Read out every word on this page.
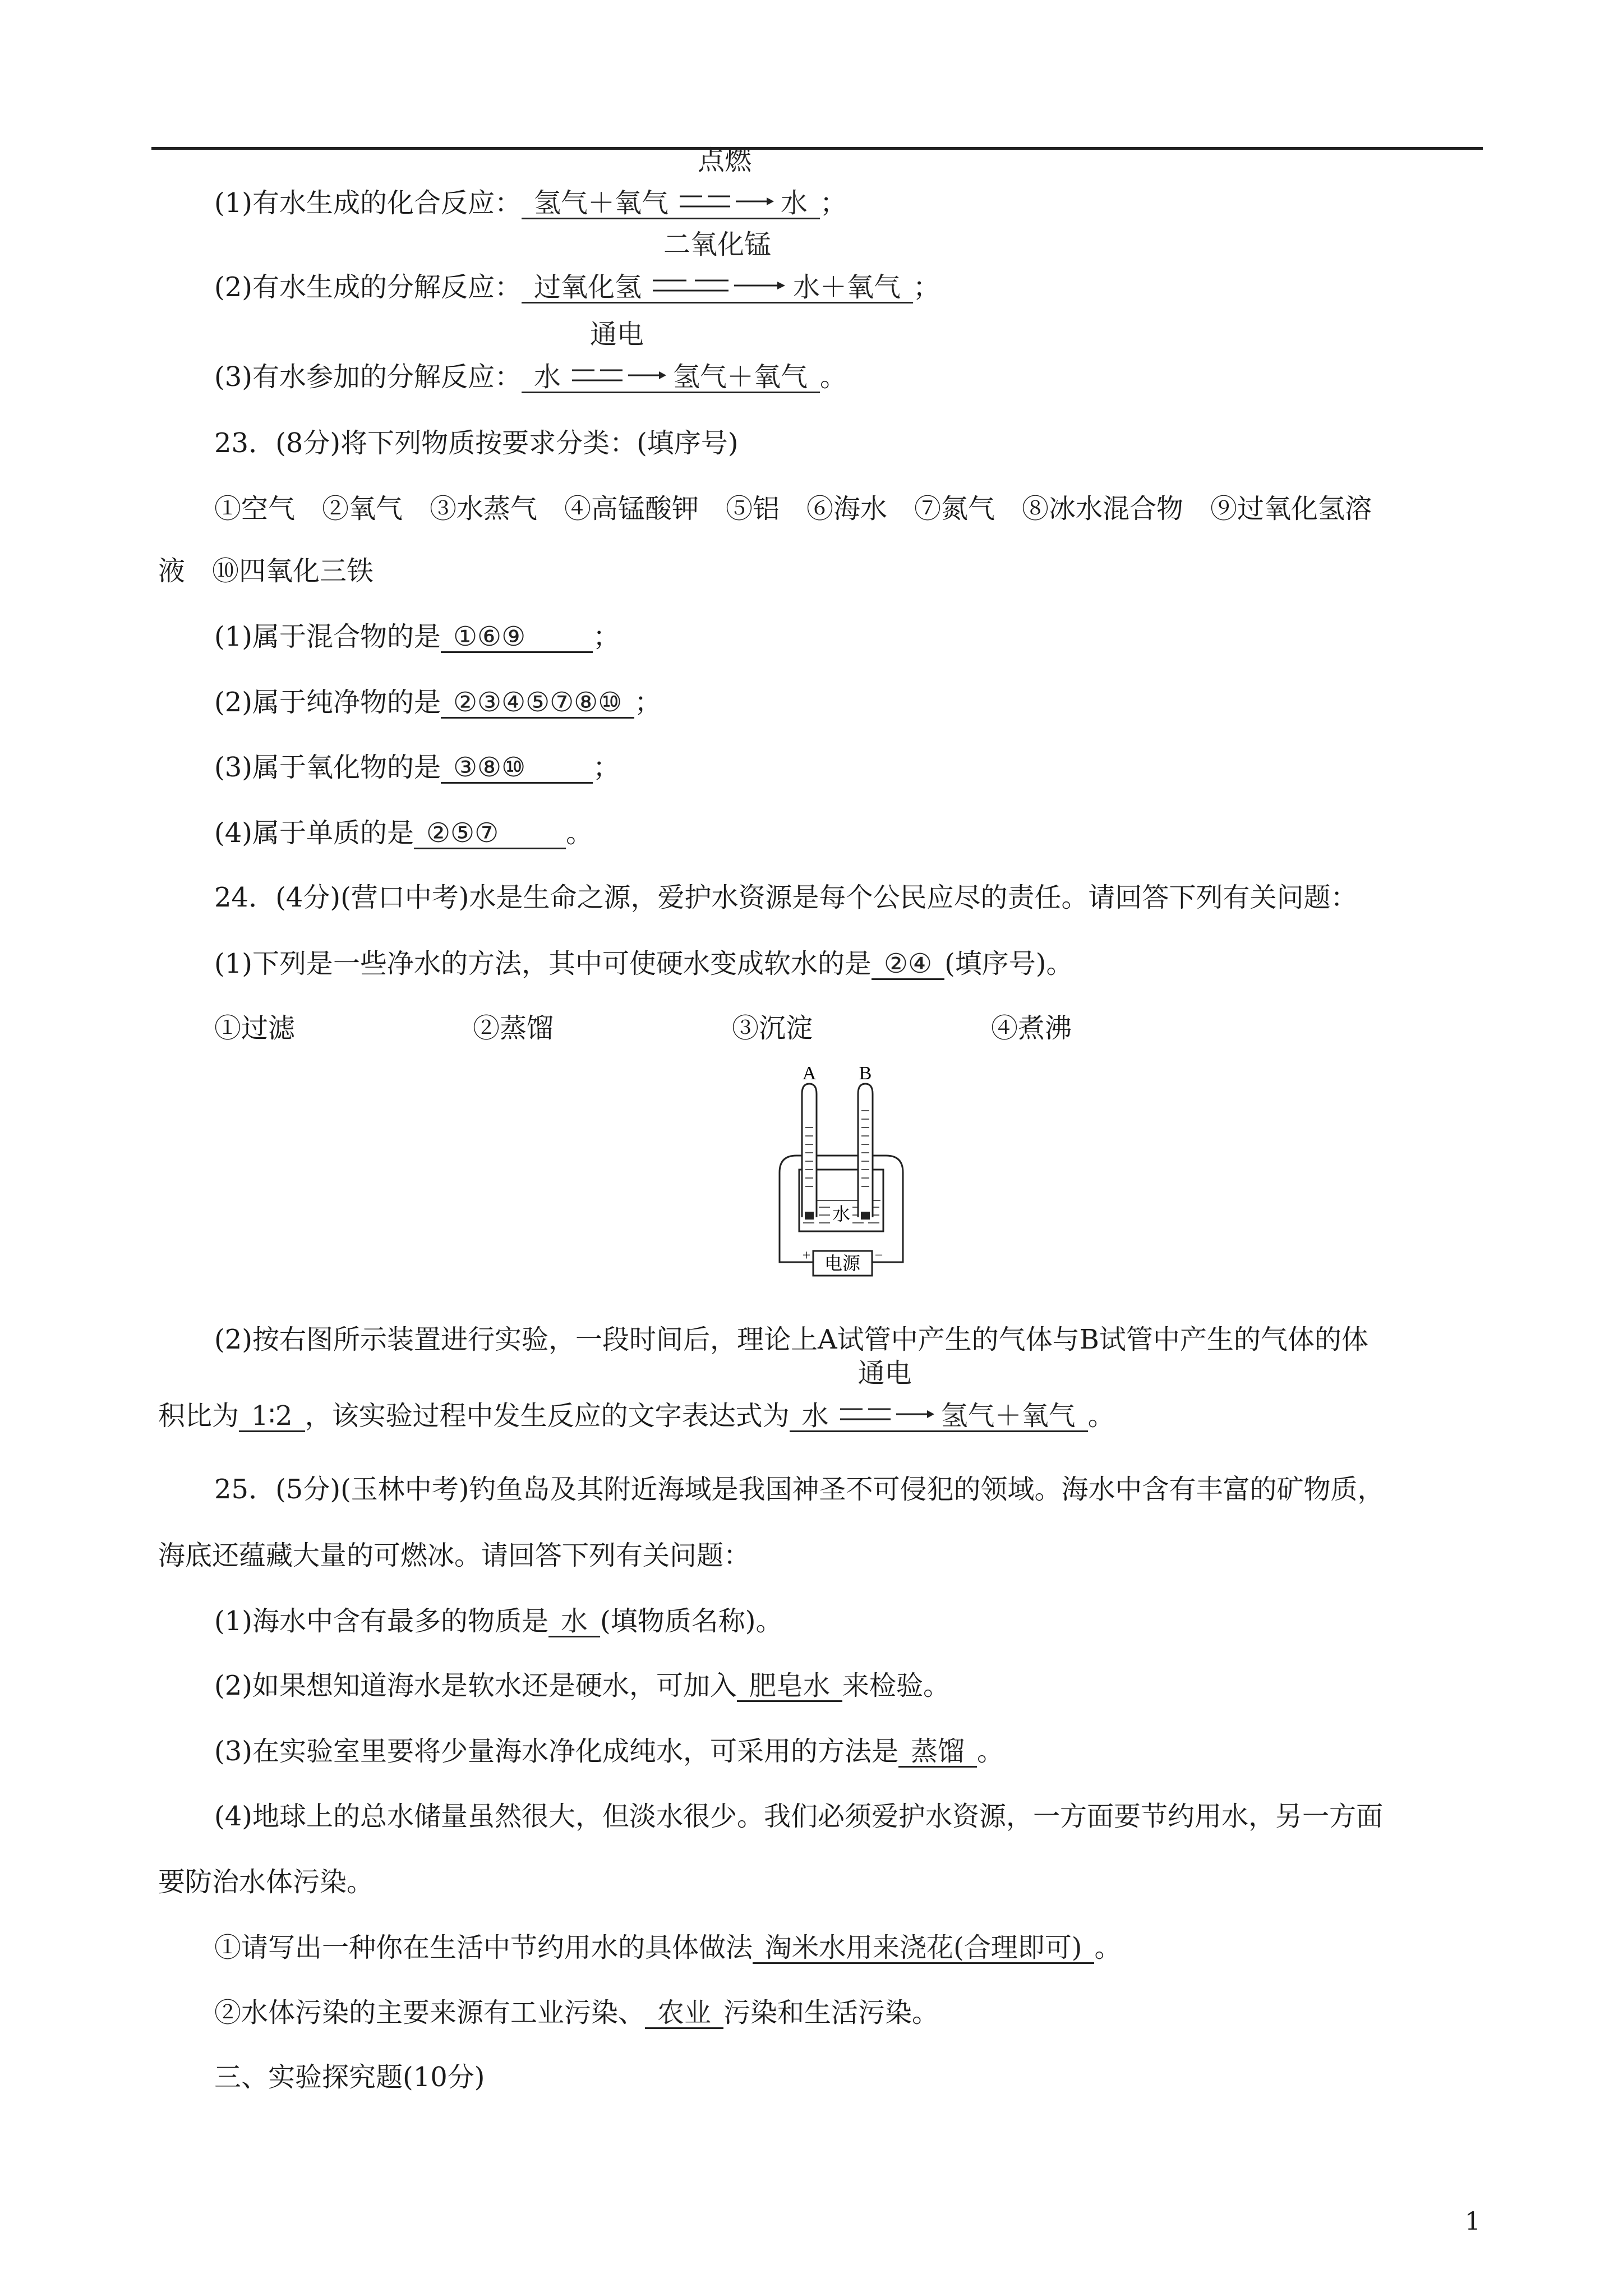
(1)有水生成的化合反应： 氢气＋氧气
点燃
水 ；
(2)有水生成的分解反应： 过氧化氢
二氧化锰
水＋氧气 ；
(3)有水参加的分解反应： 水
通电
氢气＋氧气 。
23．(8分)将下列物质按要求分类：(填序号)
①空气　②氧气　③水蒸气　④高锰酸钾　⑤铝　⑥海水　⑦氮气　⑧冰水混合物　⑨过氧化氢溶
液　⑩四氧化三铁
(1)属于混合物的是 ①⑥⑨	；
(2)属于纯净物的是 ②③④⑤⑦⑧⑩ ；
(3)属于氧化物的是 ③⑧⑩	；
(4)属于单质的是 ②⑤⑦	。
24．(4分)(营口中考)水是生命之源，爱护水资源是每个公民应尽的责任。请回答下列有关问题：
(1)下列是一些净水的方法，其中可使硬水变成软水的是 ②④ (填序号)。
①过滤	②蒸馏	③沉淀	④煮沸
A B
水
电源
+	−
(2)按右图所示装置进行实验，一段时间后，理论上A试管中产生的气体与B试管中产生的气体的体
积比为 1∶2 ，该实验过程中发生反应的文字表达式为 水
通电
氢气＋氧气 。
25．(5分)(玉林中考)钓鱼岛及其附近海域是我国神圣不可侵犯的领域。海水中含有丰富的矿物质，
海底还蕴藏大量的可燃冰。请回答下列有关问题：
(1)海水中含有最多的物质是 水 (填物质名称)。
(2)如果想知道海水是软水还是硬水，可加入 肥皂水 来检验。
(3)在实验室里要将少量海水净化成纯水，可采用的方法是 蒸馏 。
(4)地球上的总水储量虽然很大，但淡水很少。我们必须爱护水资源，一方面要节约用水，另一方面
要防治水体污染。
①请写出一种你在生活中节约用水的具体做法 淘米水用来浇花(合理即可) 。
②水体污染的主要来源有工业污染、 农业 污染和生活污染。
三、实验探究题(10分)
1
